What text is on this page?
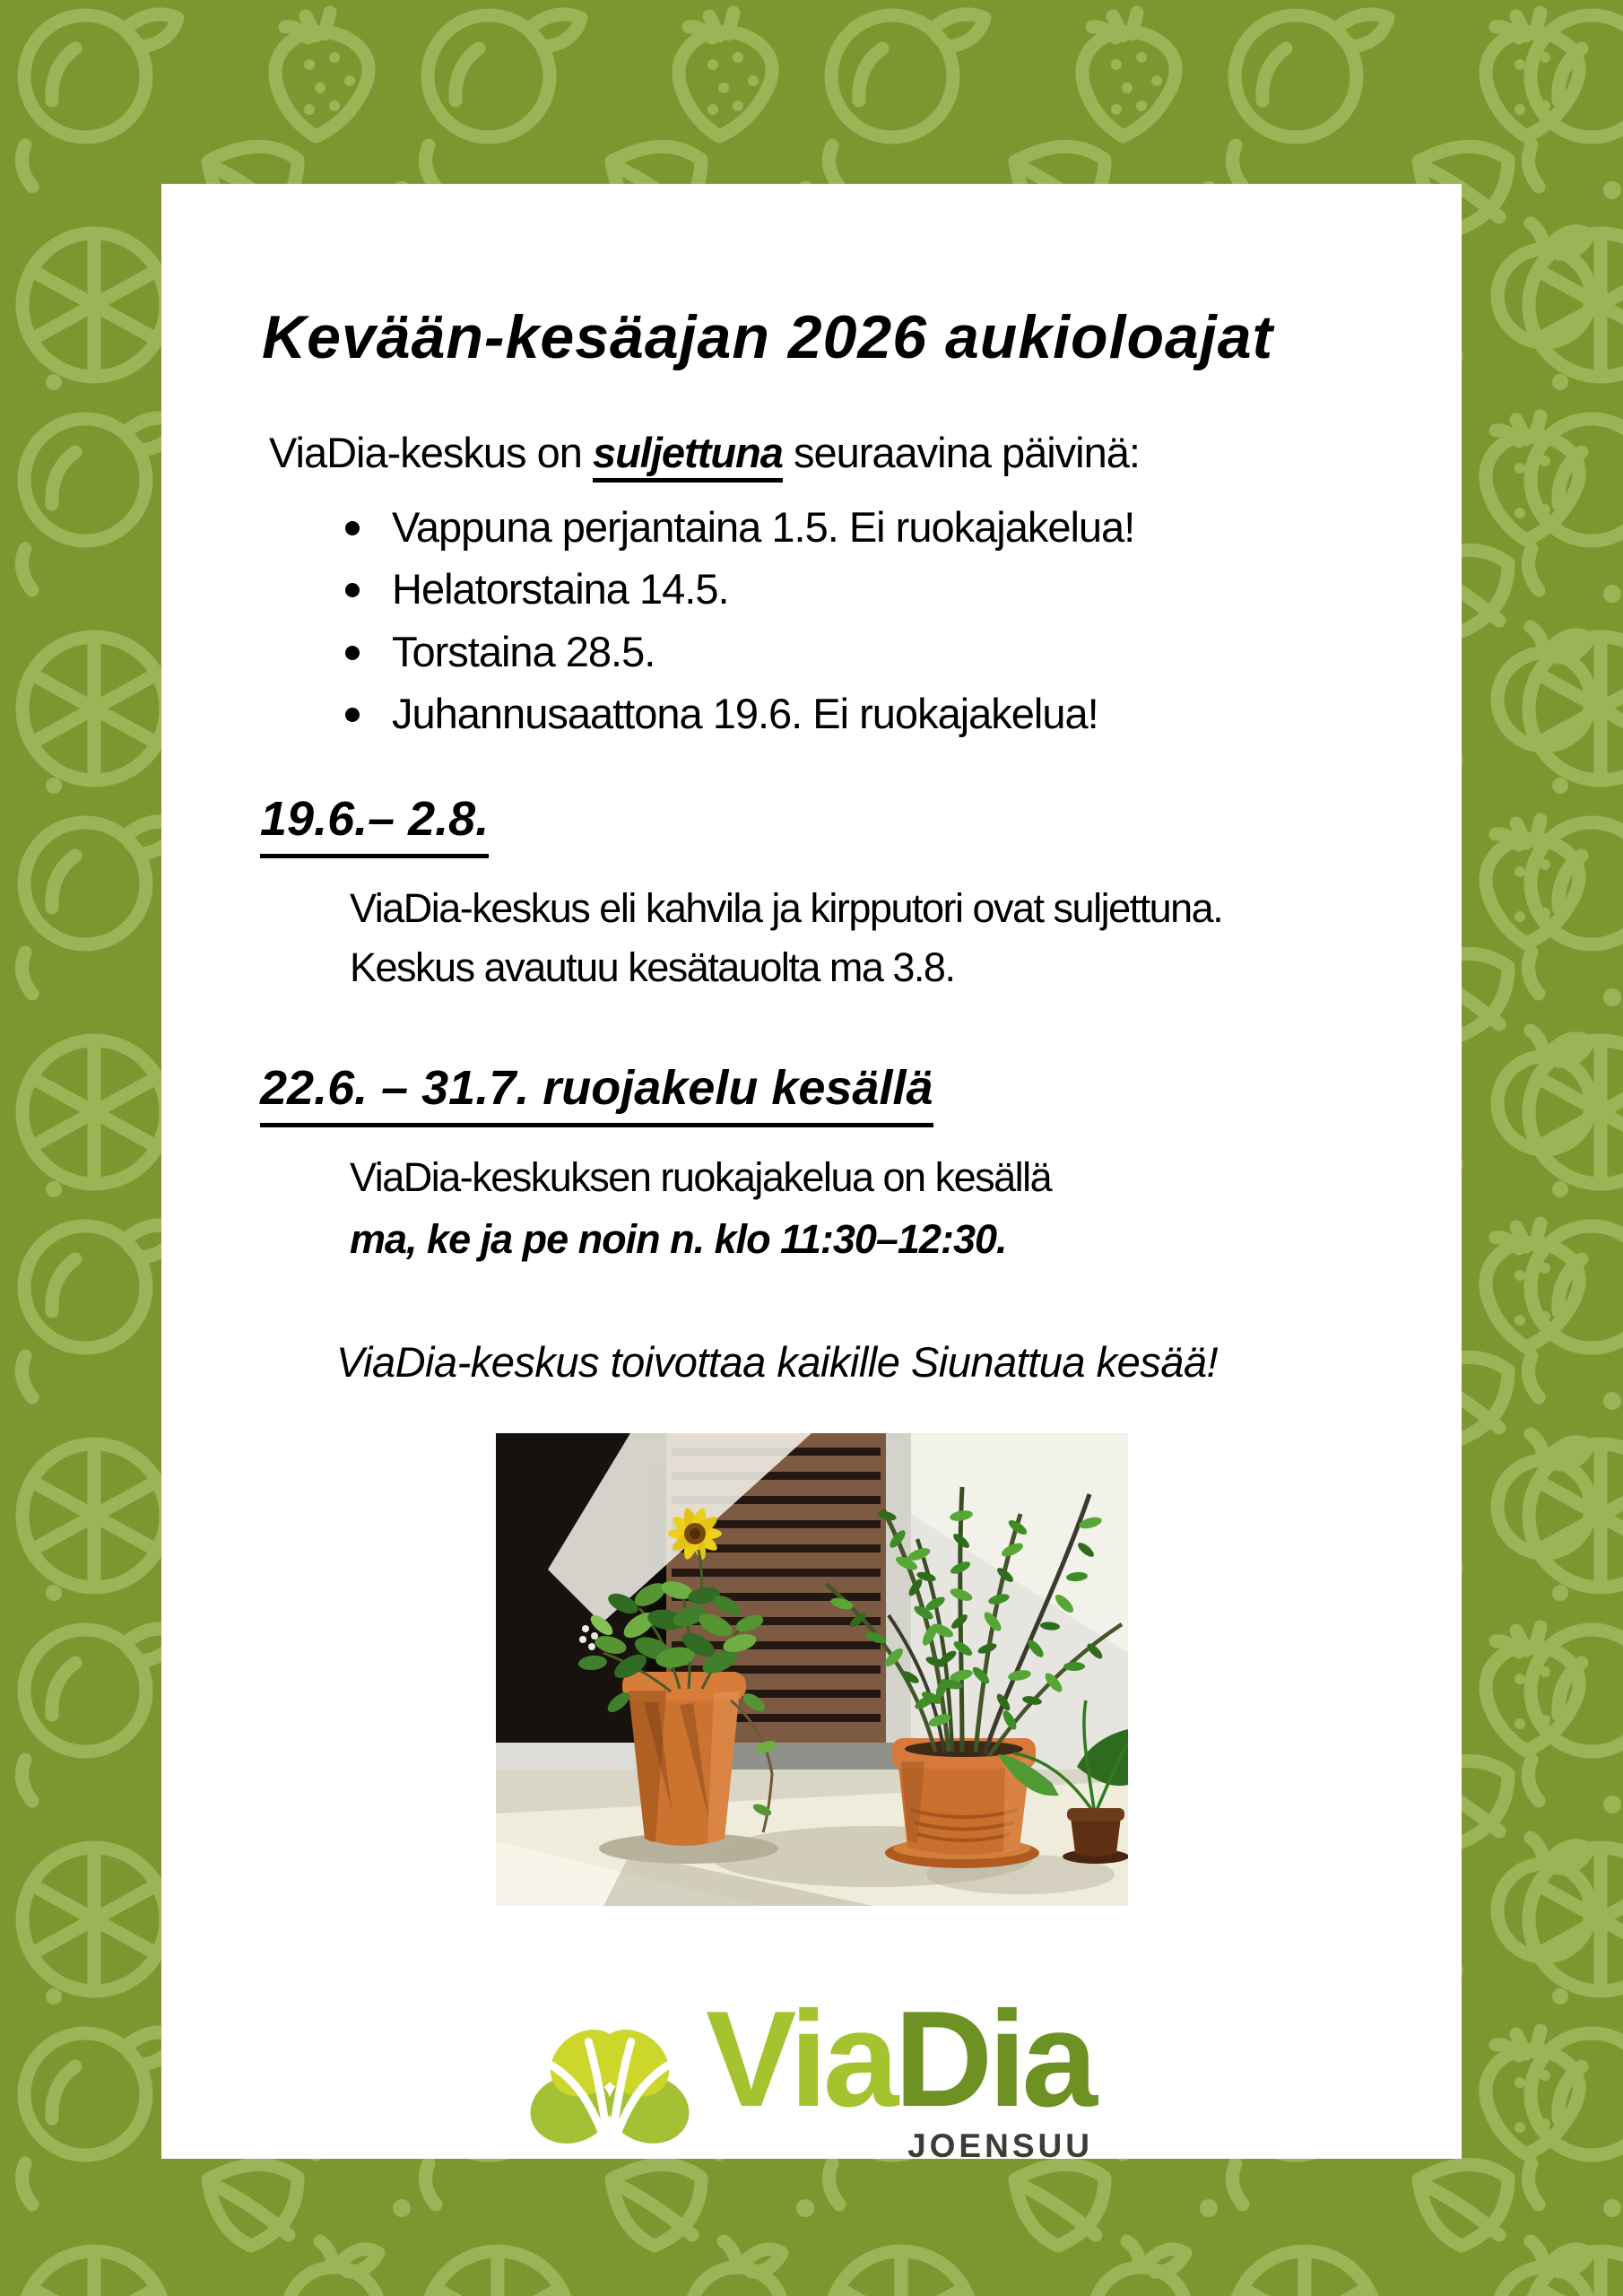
Kevään-kesäajan 2026 aukioloajat

ViaDia-keskus on suljettuna seuraavina päivinä:

Vappuna perjantaina 1.5. Ei ruokajakelua!
Helatorstaina 14.5.
Torstaina 28.5.
Juhannusaattona 19.6. Ei ruokajakelua!
19.6.– 2.8.

ViaDia-keskus eli kahvila ja kirpputori ovat suljettuna.

Keskus avautuu kesätauolta ma 3.8.

22.6. – 31.7. ruojakelu kesällä

ViaDia-keskuksen ruokajakelua on kesällä

ma, ke ja pe noin n. klo 11:30–12:30.

ViaDia-keskus toivottaa kaikille Siunattua kesää!

ViaDia
JOENSUU
